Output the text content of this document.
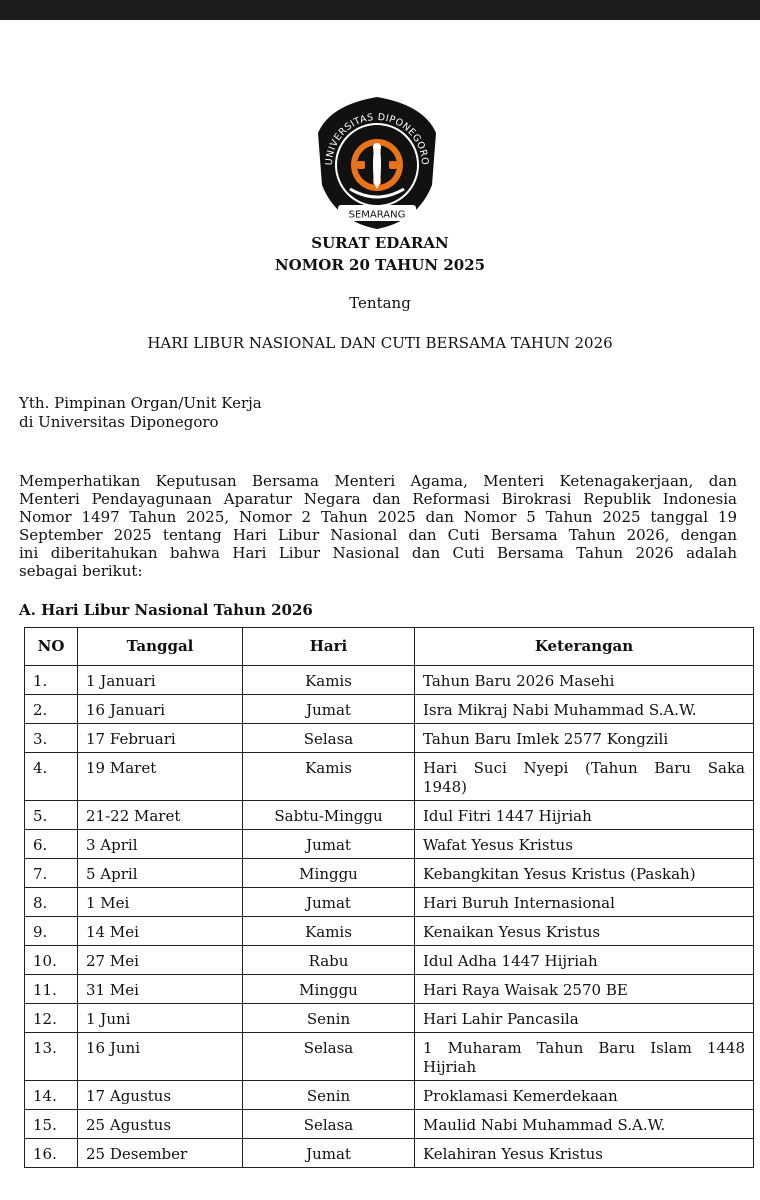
UNIVERSITAS DIPONEGORO
SEMARANG
SURAT EDARAN
NOMOR 20 TAHUN 2025
Tentang
HARI LIBUR NASIONAL DAN CUTI BERSAMA TAHUN 2026
Yth. Pimpinan Organ/Unit Kerja
di Universitas Diponegoro
Memperhatikan Keputusan Bersama Menteri Agama, Menteri Ketenagakerjaan, dan
Menteri Pendayagunaan Aparatur Negara dan Reformasi Birokrasi Republik Indonesia
Nomor 1497 Tahun 2025, Nomor 2 Tahun 2025 dan Nomor 5 Tahun 2025 tanggal 19
September 2025 tentang Hari Libur Nasional dan Cuti Bersama Tahun 2026, dengan
ini diberitahukan bahwa Hari Libur Nasional dan Cuti Bersama Tahun 2026 adalah
sebagai berikut:
A. Hari Libur Nasional Tahun 2026
NO	Tanggal	Hari	Keterangan
1.	1 Januari	Kamis	Tahun Baru 2026 Masehi
2.	16 Januari	Jumat	Isra Mikraj Nabi Muhammad S.A.W.
3.	17 Februari	Selasa	Tahun Baru Imlek 2577 Kongzili
4.	19 Maret	Kamis	Hari Suci Nyepi (Tahun Baru Saka
1948)

5.	21-22 Maret	Sabtu-Minggu	Idul Fitri 1447 Hijriah
6.	3 April	Jumat	Wafat Yesus Kristus
7.	5 April	Minggu	Kebangkitan Yesus Kristus (Paskah)
8.	1 Mei	Jumat	Hari Buruh Internasional
9.	14 Mei	Kamis	Kenaikan Yesus Kristus
10.	27 Mei	Rabu	Idul Adha 1447 Hijriah
11.	31 Mei	Minggu	Hari Raya Waisak 2570 BE
12.	1 Juni	Senin	Hari Lahir Pancasila
13.	16 Juni	Selasa	1 Muharam Tahun Baru Islam 1448
Hijriah

14.	17 Agustus	Senin	Proklamasi Kemerdekaan
15.	25 Agustus	Selasa	Maulid Nabi Muhammad S.A.W.
16.	25 Desember	Jumat	Kelahiran Yesus Kristus
